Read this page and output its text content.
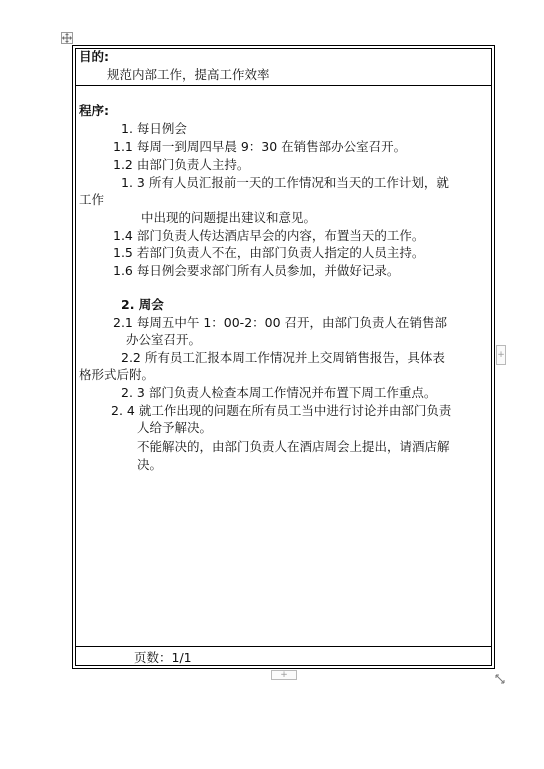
目的:
规范内部工作，提高工作效率
程序:
1. 每日例会
1.1 每周一到周四早晨 9：30 在销售部办公室召开。
1.2 由部门负责人主持。
1. 3 所有人员汇报前一天的工作情况和当天的工作计划，就
工作
中出现的问题提出建议和意见。
1.4 部门负责人传达酒店早会的内容，布置当天的工作。
1.5 若部门负责人不在，由部门负责人指定的人员主持。
1.6 每日例会要求部门所有人员参加，并做好记录。
2. 周会
2.1 每周五中午 1：00-2：00 召开，由部门负责人在销售部
办公室召开。
2.2 所有员工汇报本周工作情况并上交周销售报告，具体表
格形式后附。
2. 3 部门负责人检查本周工作情况并布置下周工作重点。
2. 4 就工作出现的问题在所有员工当中进行讨论并由部门负责
人给予解决。
不能解决的，由部门负责人在酒店周会上提出，请酒店解
决。
页数：1/1
+
+
